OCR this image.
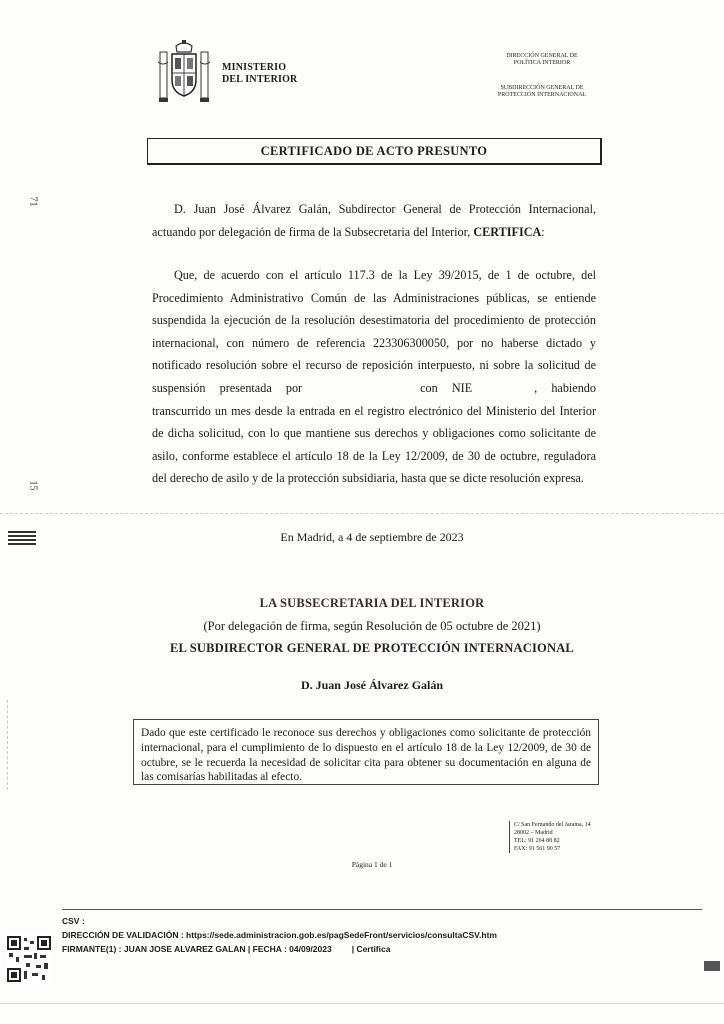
MINISTERIO
DEL INTERIOR
DIRECCIÓN GENERAL DE
POLÍTICA INTERIOR
SUBDIRECCIÓN GENERAL DE
PROTECCIÓN INTERNACIONAL
CERTIFICADO DE ACTO PRESUNTO
71
15
D. Juan José Álvarez Galán, Subdirector General de Protección Internacional, actuando por delegación de firma de la Subsecretaria del Interior, CERTIFICA:
Que, de acuerdo con el artículo 117.3 de la Ley 39/2015, de 1 de octubre, del Procedimiento Administrativo Común de las Administraciones públicas, se entiende suspendida la ejecución de la resolución desestimatoria del procedimiento de protección internacional, con número de referencia 223306300050, por no haberse dictado y notificado resolución sobre el recurso de reposición interpuesto, ni sobre la solicitud de suspensión presentada por	con NIE	, habiendo transcurrido un mes desde la entrada en el registro electrónico del Ministerio del Interior de dicha solicitud, con lo que mantiene sus derechos y obligaciones como solicitante de asilo, conforme establece el artículo 18 de la Ley 12/2009, de 30 de octubre, reguladora del derecho de asilo y de la protección subsidiaria, hasta que se dicte resolución expresa.
En Madrid, a 4 de septiembre de 2023
LA SUBSECRETARIA DEL INTERIOR
(Por delegación de firma, según Resolución de 05 octubre de 2021)
EL SUBDIRECTOR GENERAL DE PROTECCIÓN INTERNACIONAL
D. Juan José Álvarez Galán
Dado que este certificado le reconoce sus derechos y obligaciones como solicitante de protección internacional, para el cumplimiento de lo dispuesto en el artículo 18 de la Ley 12/2009, de 30 de octubre, se le recuerda la necesidad de solicitar cita para obtener su documentación en alguna de las comisarías habilitadas al efecto.
C/ San Fernando del Jarama, 14
28002 – Madrid
TEL: 91 264 88 82
FAX: 91 561 90 57
Página 1 de 1
CSV :
DIRECCIÓN DE VALIDACIÓN : https://sede.administracion.gob.es/pagSedeFront/servicios/consultaCSV.htm
FIRMANTE(1) : JUAN JOSE ALVAREZ GALAN | FECHA : 04/09/2023 | Certifica
